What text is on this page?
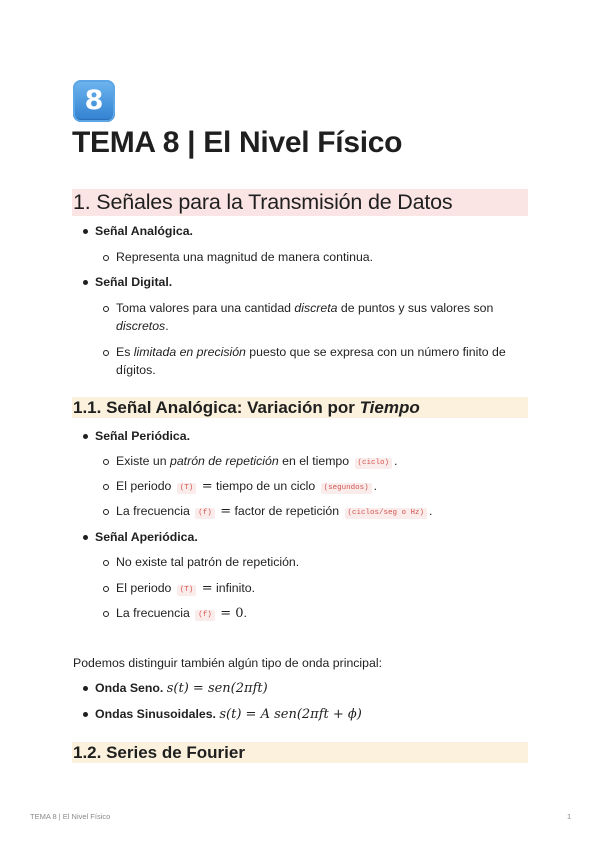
8
TEMA 8 | El Nivel Físico
1. Señales para la Transmisión de Datos
Señal Analógica.
Representa una magnitud de manera continua.
Señal Digital.
Toma valores para una cantidad discreta de puntos y sus valores son
discretos.
Es limitada en precisión puesto que se expresa con un número finito de
dígitos.
1.1. Señal Analógica: Variación por Tiempo
Señal Periódica.
Existe un patrón de repetición en el tiempo (ciclo) .
El periodo (T) = tiempo de un ciclo (segundos) .
La frecuencia (f) = factor de repetición (ciclos/seg o Hz) .
Señal Aperiódica.
No existe tal patrón de repetición.
El periodo (T) = infinito.
La frecuencia (f) = 0.
Podemos distinguir también algún tipo de onda principal:
Onda Seno. s(t) = sen(2πft)
Ondas Sinusoidales. s(t) = A sen(2πft + ϕ)
1.2. Series de Fourier
TEMA 8 | El Nivel Físico	1
